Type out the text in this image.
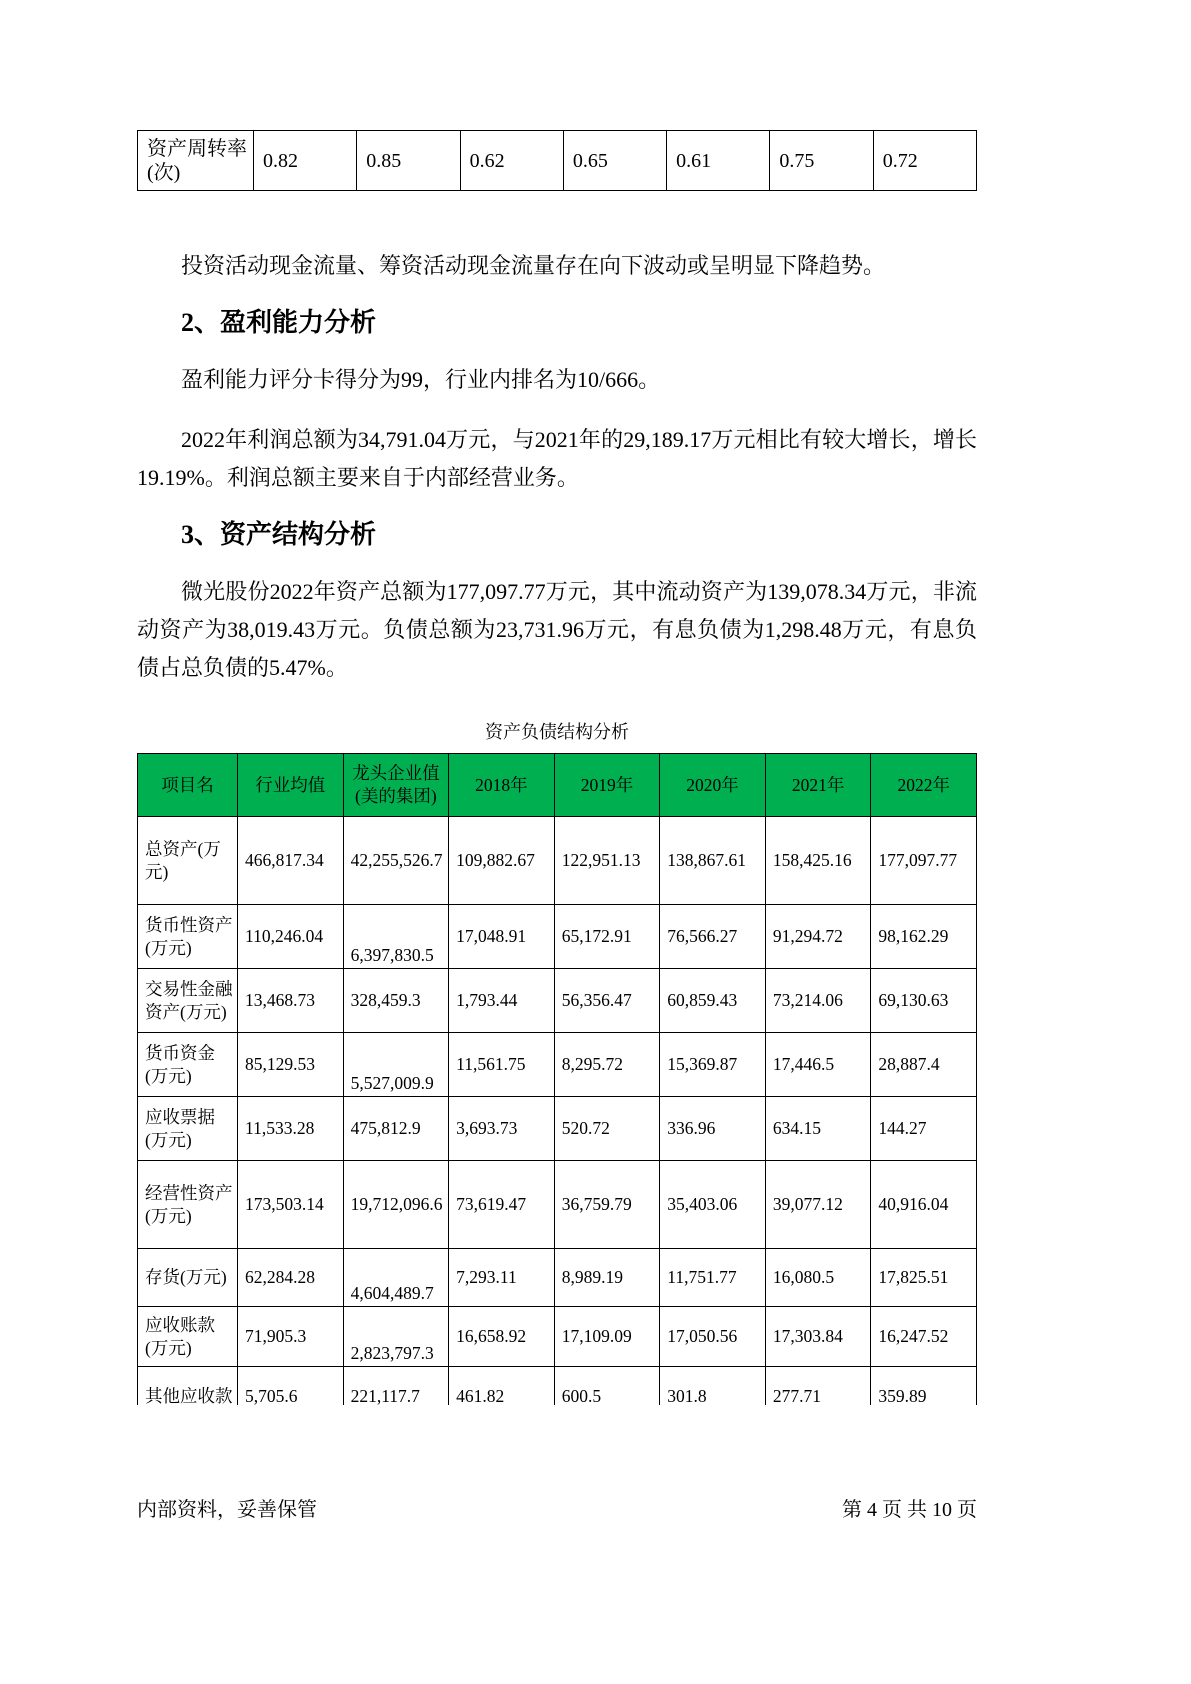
资产周转率(次)	0.82	0.85	0.62	0.65	0.61	0.75	0.72

投资活动现金流量、筹资活动现金流量存在向下波动或呈明显下降趋势。

2、盈利能力分析

盈利能力评分卡得分为99，行业内排名为10/666。

2022年利润总额为34,791.04万元，与2021年的29,189.17万元相比有较大增长，增长19.19%。利润总额主要来自于内部经营业务。

3、资产结构分析

微光股份2022年资产总额为177,097.77万元，其中流动资产为139,078.34万元，非流动资产为38,019.43万元。负债总额为23,731.96万元，有息负债为1,298.48万元，有息负债占总负债的5.47%。

资产负债结构分析
项目名	行业均值	龙头企业值(美的集团)	2018年	2019年	2020年	2021年	2022年
总资产(万元)	466,817.34	42,255,526.7	109,882.67	122,951.13	138,867.61	158,425.16	177,097.77
货币性资产(万元)	110,246.04	6,397,830.5	17,048.91	65,172.91	76,566.27	91,294.72	98,162.29
交易性金融资产(万元)	13,468.73	328,459.3	1,793.44	56,356.47	60,859.43	73,214.06	69,130.63
货币资金(万元)	85,129.53	5,527,009.9	11,561.75	8,295.72	15,369.87	17,446.5	28,887.4
应收票据(万元)	11,533.28	475,812.9	3,693.73	520.72	336.96	634.15	144.27
经营性资产(万元)	173,503.14	19,712,096.6	73,619.47	36,759.79	35,403.06	39,077.12	40,916.04
存货(万元)	62,284.28	4,604,489.7	7,293.11	8,989.19	11,751.77	16,080.5	17,825.51
应收账款(万元)	71,905.3	2,823,797.3	16,658.92	17,109.09	17,050.56	17,303.84	16,247.52
其他应收款	5,705.6	221,117.7	461.82	600.5	301.8	277.71	359.89
内部资料，妥善保管	第 4 页 共 10 页
